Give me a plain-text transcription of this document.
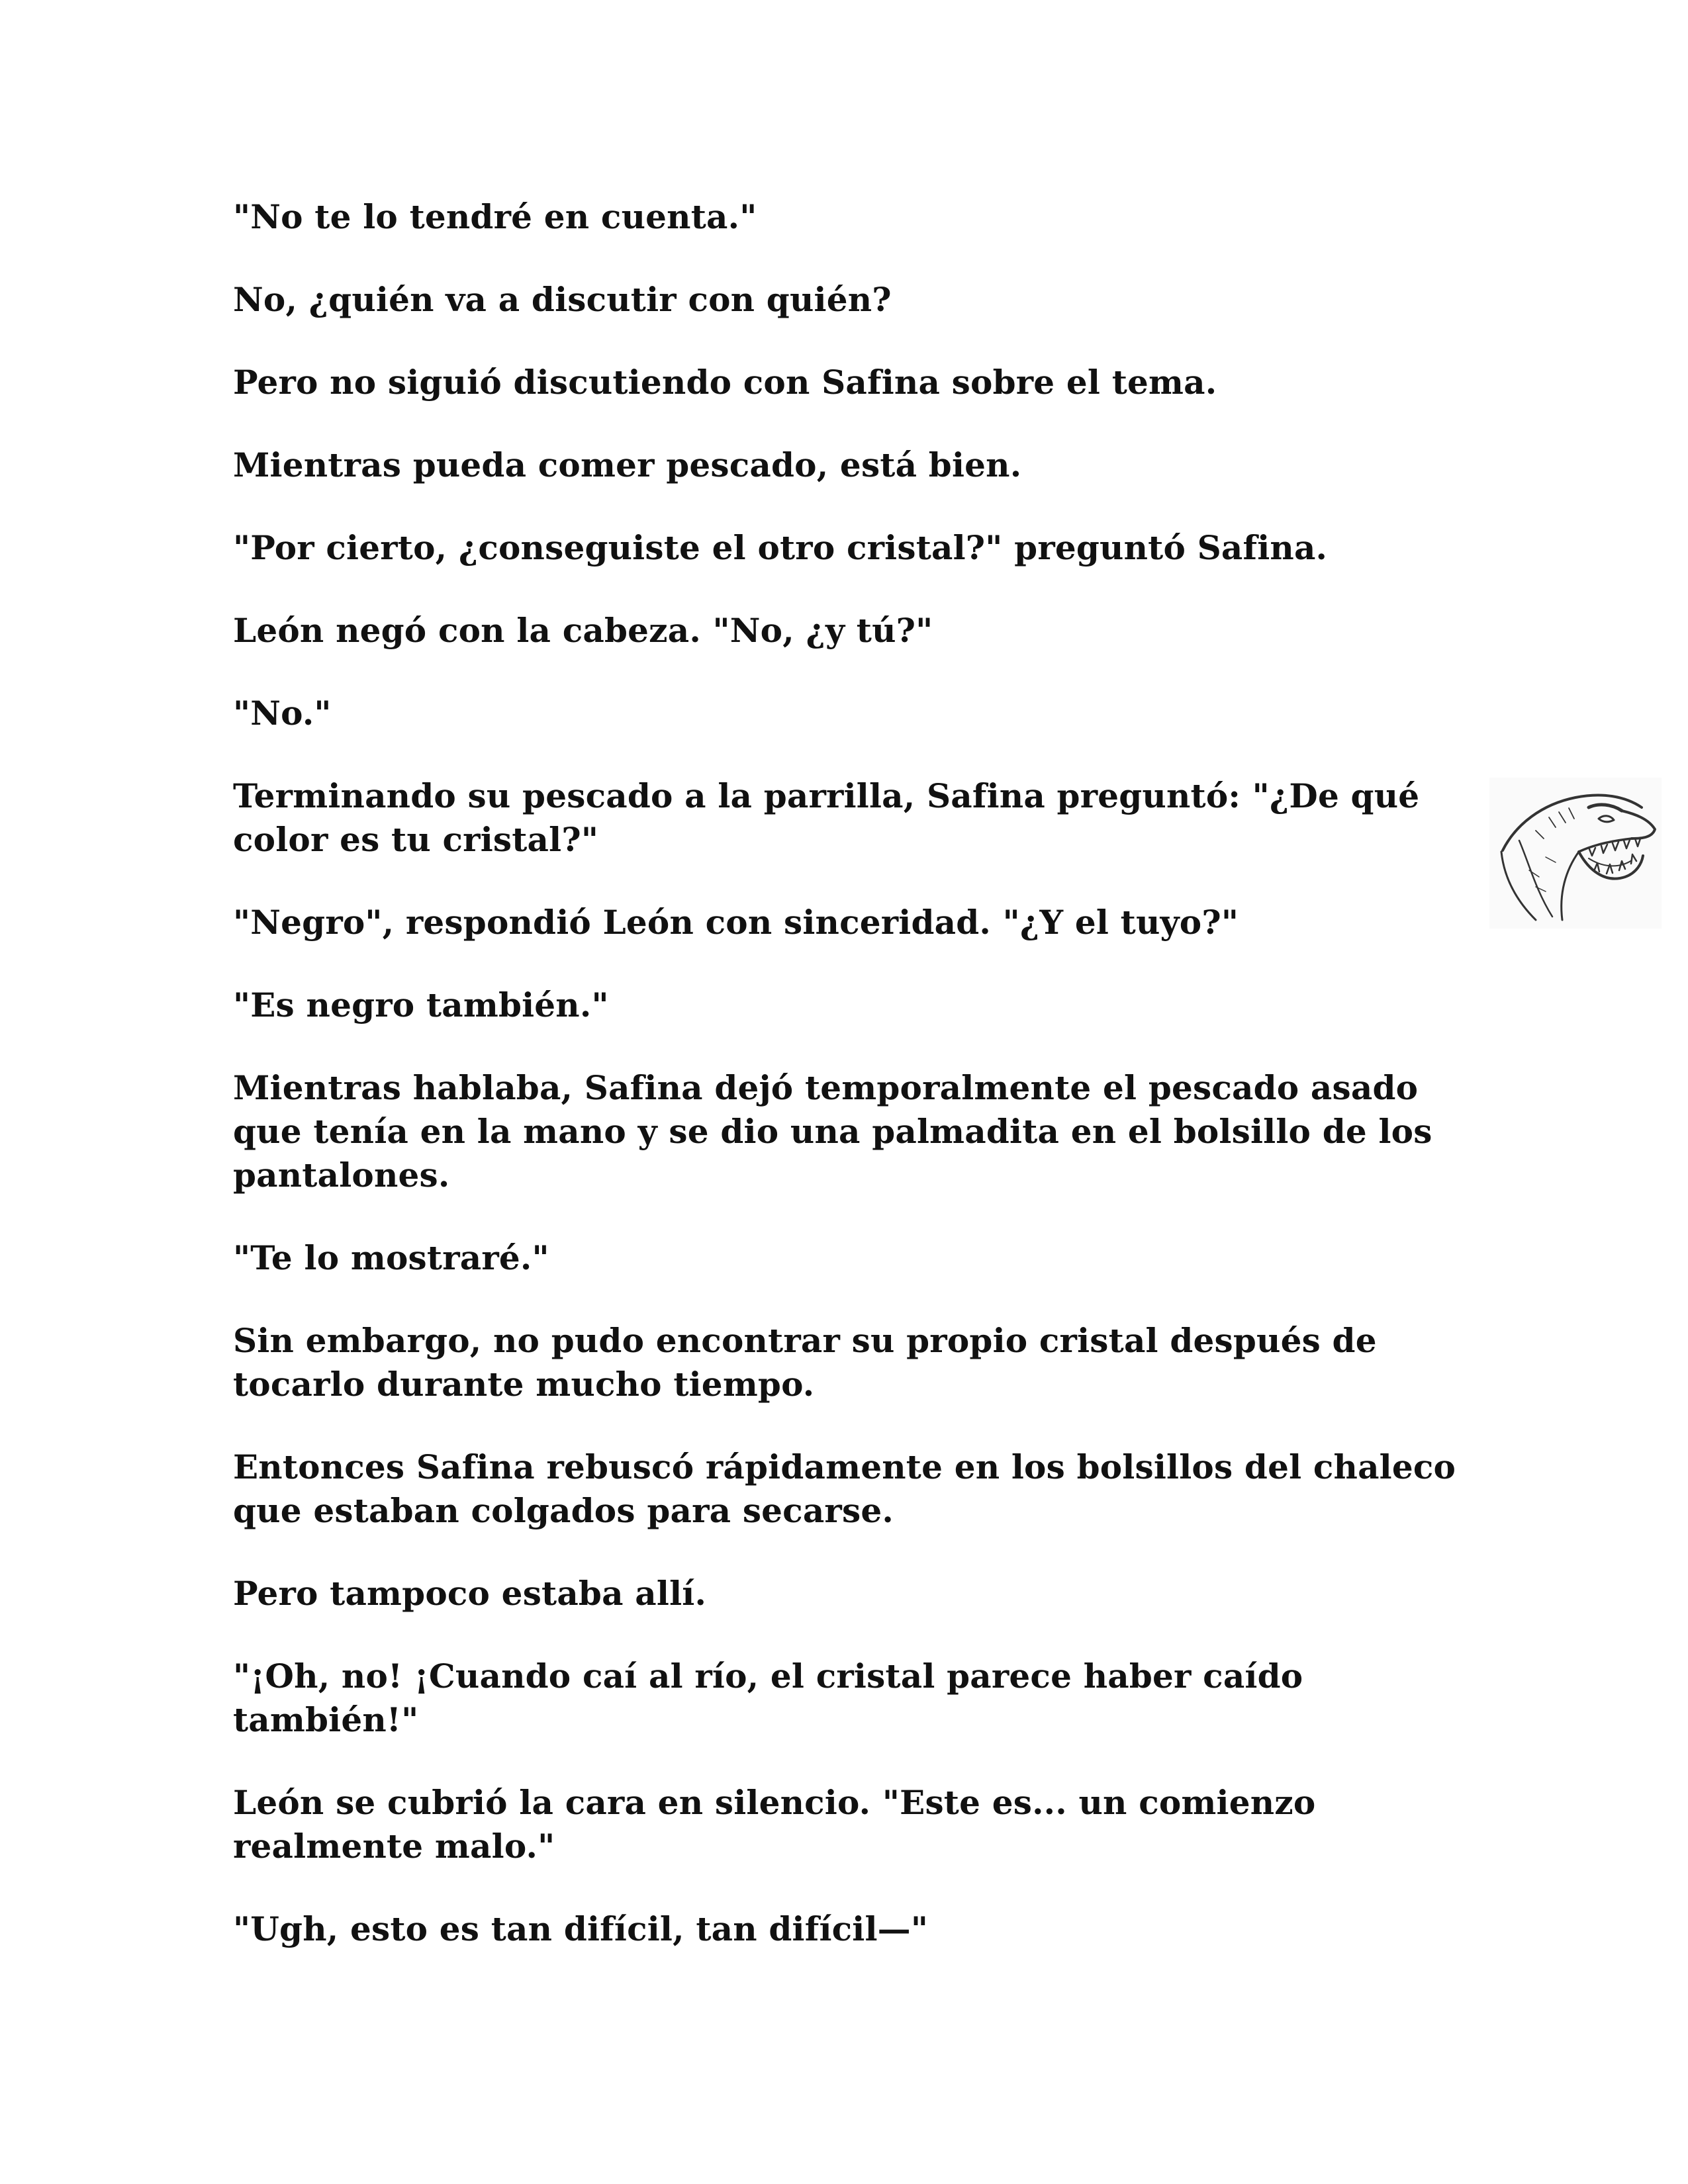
"No te lo tendré en cuenta."

No, ¿quién va a discutir con quién?

Pero no siguió discutiendo con Safina sobre el tema.

Mientras pueda comer pescado, está bien.

"Por cierto, ¿conseguiste el otro cristal?" preguntó Safina.

León negó con la cabeza. "No, ¿y tú?"

"No."

Terminando su pescado a la parrilla, Safina preguntó: "¿De qué color es tu cristal?"

"Negro", respondió León con sinceridad. "¿Y el tuyo?"

"Es negro también."

Mientras hablaba, Safina dejó temporalmente el pescado asado que tenía en la mano y se dio una palmadita en el bolsillo de los pantalones.

"Te lo mostraré."

Sin embargo, no pudo encontrar su propio cristal después de tocarlo durante mucho tiempo.

Entonces Safina rebuscó rápidamente en los bolsillos del chaleco que estaban colgados para secarse.

Pero tampoco estaba allí.

"¡Oh, no! ¡Cuando caí al río, el cristal parece haber caído también!"

León se cubrió la cara en silencio. "Este es... un comienzo realmente malo."

"Ugh, esto es tan difícil, tan difícil—"
